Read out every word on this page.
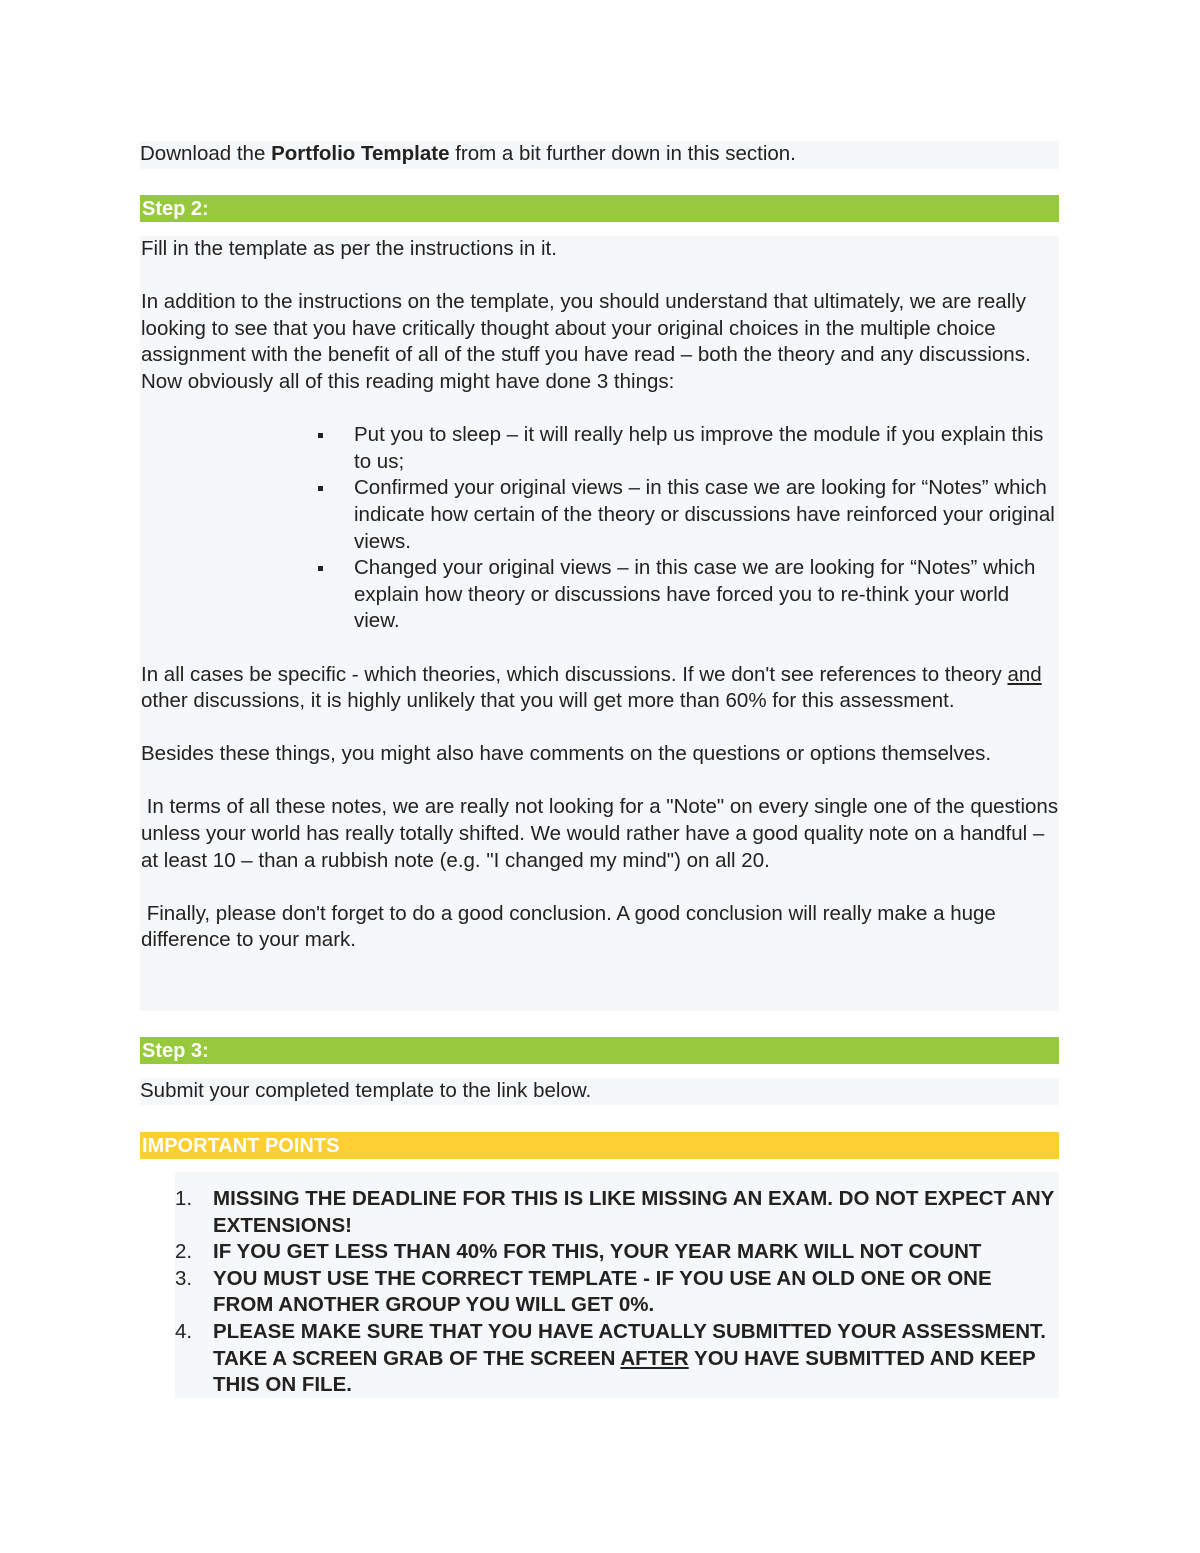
Download the Portfolio Template from a bit further down in this section.

Step 2:

Fill in the template as per the instructions in it.

In addition to the instructions on the template, you should understand that ultimately, we are really looking to see that you have critically thought about your original choices in the multiple choice assignment with the benefit of all of the stuff you have read – both the theory and any discussions. Now obviously all of this reading might have done 3 things:

Put you to sleep – it will really help us improve the module if you explain this to us;
Confirmed your original views – in this case we are looking for “Notes” which indicate how certain of the theory or discussions have reinforced your original views.
Changed your original views – in this case we are looking for “Notes” which explain how theory or discussions have forced you to re-think your world view.

In all cases be specific - which theories, which discussions. If we don't see references to theory and other discussions, it is highly unlikely that you will get more than 60% for this assessment.

Besides these things, you might also have comments on the questions or options themselves.

In terms of all these notes, we are really not looking for a "Note" on every single one of the questions unless your world has really totally shifted. We would rather have a good quality note on a handful – at least 10 – than a rubbish note (e.g. "I changed my mind") on all 20.

Finally, please don't forget to do a good conclusion. A good conclusion will really make a huge difference to your mark.

Step 3:

Submit your completed template to the link below.

IMPORTANT POINTS
1. MISSING THE DEADLINE FOR THIS IS LIKE MISSING AN EXAM. DO NOT EXPECT ANY EXTENSIONS!
2. IF YOU GET LESS THAN 40% FOR THIS, YOUR YEAR MARK WILL NOT COUNT
3. YOU MUST USE THE CORRECT TEMPLATE - IF YOU USE AN OLD ONE OR ONE FROM ANOTHER GROUP YOU WILL GET 0%.
4. PLEASE MAKE SURE THAT YOU HAVE ACTUALLY SUBMITTED YOUR ASSESSMENT. TAKE A SCREEN GRAB OF THE SCREEN AFTER YOU HAVE SUBMITTED AND KEEP THIS ON FILE.
